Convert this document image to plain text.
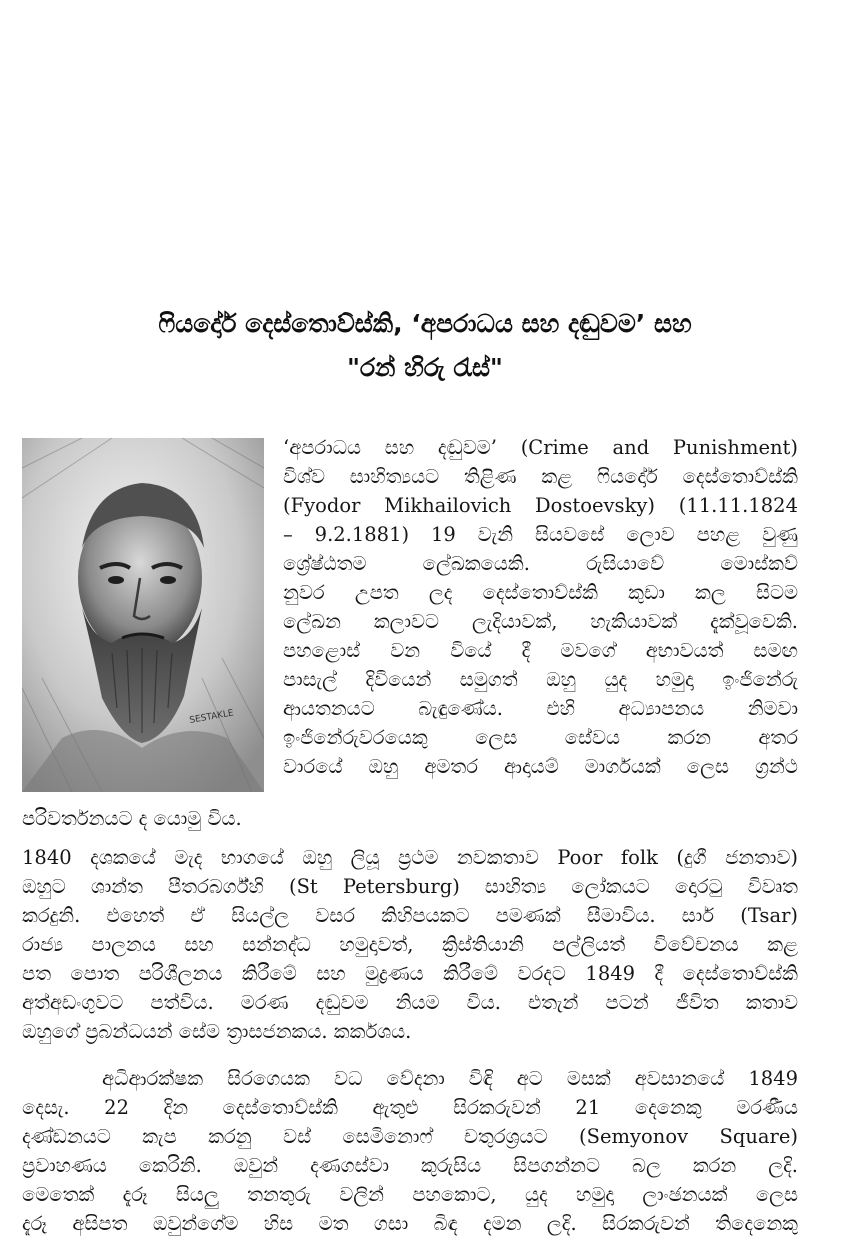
ෆියදෝර් දෙස්තොව්ස්කි, ‘අපරාධය සහ දඬුවම’ සහ
"රන් හිරු රැස්"
SESTAKLE
‘අපරාධය සහ දඬුවම’ (Crime and Punishment)
විශ්ව සාහිත්‍යයට තිළිණ කළ ෆියදෝර් දෙස්තොව්ස්කි
(Fyodor Mikhailovich Dostoevsky) (11.11.1824
– 9.2.1881) 19 වැනි සියවසේ ලොව පහළ වුණු
ශ්‍රේෂ්ඨතම ලේඛකයෙකි. රුසියාවේ මොස්කව්
නුවර උපත ලද දෙස්තොව්ස්කි කුඩා කල සිටම
ලේඛන කලාවට ලැදියාවක්, හැකියාවක් දැක්වූවෙකි.
පහළොස් වන වියේ දී මවගේ අභාවයත් සමඟ
පාසැල් දිවියෙන් සමුගත් ඔහු යුද හමුදා ඉංජිනේරු
ආයතනයට බැඳුණේය. එහි අධ්‍යාපනය නිමවා
ඉංජිනේරුවරයෙකු ලෙස සේවය කරන අතර
වාරයේ ඔහු අමතර ආදායම් මාර්ගයක් ලෙස ග්‍රන්ථ
පරිවර්තනයට ද යොමු විය.
1840 දශකයේ මැද භාගයේ ඔහු ලියූ ප්‍රථම නවකතාව Poor folk (දුගී ජනතාව)
ඔහුට ශාන්ත පීතරබර්ග්හි (St Petersburg) සාහිත්‍ය ලෝකයට දොරටු විවෘත
කරදුනි. එහෙත් ඒ සියල්ල වසර කිහිපයකට පමණක් සීමාවිය. සාර් (Tsar)
රාජ්‍ය පාලනය සහ සන්නද්ධ හමුදාවත්, ක්‍රිස්තියානි පල්ලියත් විවේචනය කළ
පත පොත පරිශීලනය කිරීමේ සහ මුද්‍රණය කිරීමේ වරදට 1849 දී දෙස්තොව්ස්කි
අත්අඩංගුවට පත්විය. මරණ දඬුවම නියම විය. එතැන් පටන් ජීවිත කතාව
ඔහුගේ ප්‍රබන්ධයන් සේම ත්‍රාසජනකය. කර්කශය.
අධිආරක්ෂක සිරගෙයක වධ වේදනා විඳි අට මසක් අවසානයේ 1849
දෙසැ. 22 දින දෙස්තොව්ස්කි ඇතුළු සිරකරුවන් 21 දෙනෙකු මරණීය
දණ්ඩනයට කැප කරනු වස් සෙමිනොෆ් චතුරශ්‍රයට (Semyonov Square)
ප්‍රවාහණය කෙරිනි. ඔවුන් දණගස්වා කුරුසිය සිපගන්නට බල කරන ලදි.
මෙතෙක් දැරූ සියලු තනතුරු වලින් පහකොට, යුද හමුදා ලාංඡනයක් ලෙස
දැරූ අසිපත ඔවුන්ගේම හිස මත ගසා බිඳ දමන ලදි. සිරකරුවන් තිදෙනෙකු
